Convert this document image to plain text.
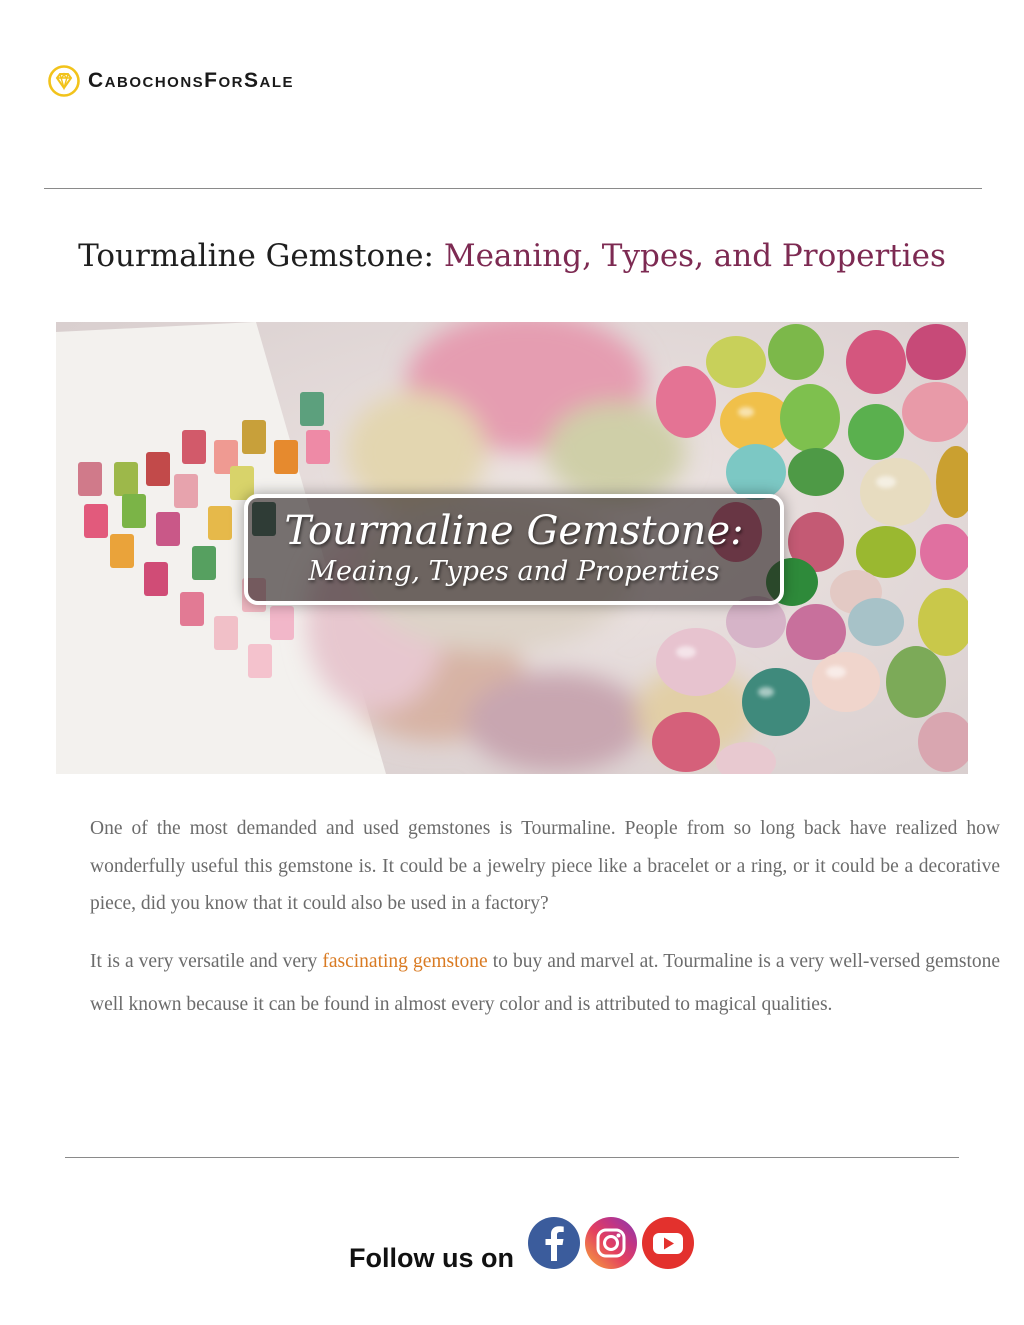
CabochonsForSale
Tourmaline Gemstone: Meaning, Types, and Properties
Tourmaline Gemstone:
Meaing, Types and Properties

One of the most demanded and used gemstones is Tourmaline. People from so long back have realized how wonderfully useful this gemstone is. It could be a jewelry piece like a bracelet or a ring, or it could be a decorative piece, did you know that it could also be used in a factory?

It is a very versatile and very fascinating gemstone to buy and marvel at. Tourmaline is a very well-versed gemstone well known because it can be found in almost every color and is attributed to magical qualities.

Follow us on
